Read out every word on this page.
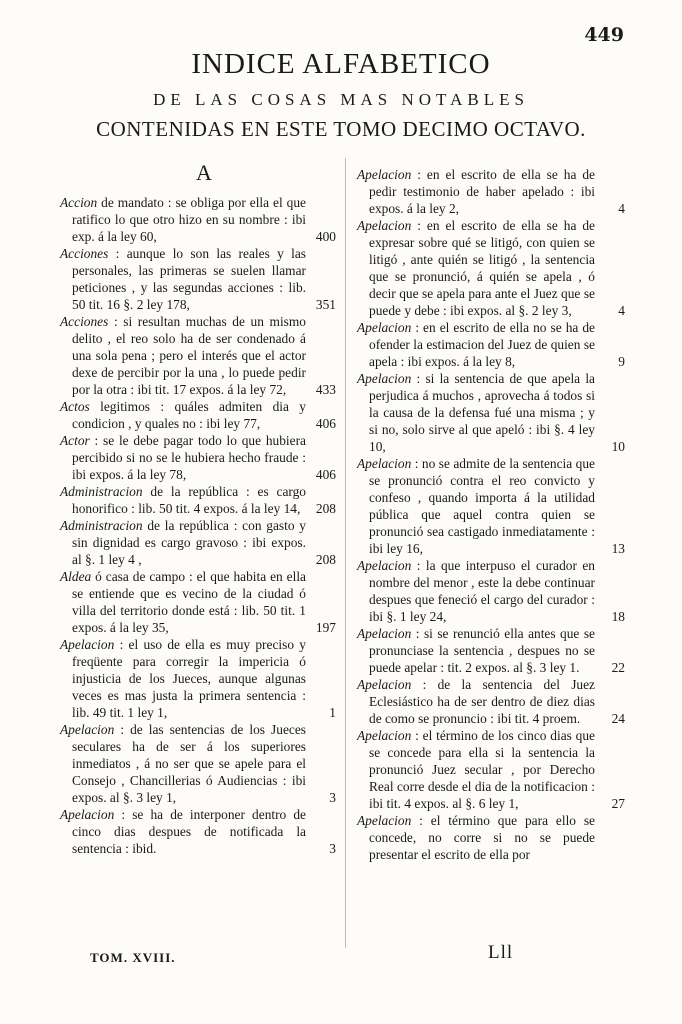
449
INDICE ALFABETICO
DE LAS COSAS MAS NOTABLES
CONTENIDAS EN ESTE TOMO DECIMO OCTAVO.
A

Accion de mandato : se obliga por ella el que ratifico lo que otro hizo en su nombre : ibi exp. á la ley 60,	400

Acciones : aunque lo son las reales y las personales, las primeras se suelen llamar peticiones , y las segundas acciones : lib. 50 tit. 16 §. 2 ley 178,	351

Acciones : si resultan muchas de un mismo delito , el reo solo ha de ser condenado á una sola pena ; pero el interés que el actor dexe de percibir por la una , lo puede pedir por la otra : ibi tit. 17 expos. á la ley 72, 433

Actos legitimos : quáles admiten dia y condicion , y quales no : ibi ley 77,	406

Actor : se le debe pagar todo lo que hubiera percibido si no se le hubiera hecho fraude : ibi expos. á la ley 78,	406

Administracion de la república : es cargo honorifico : lib. 50 tit. 4 expos. á la ley 14, 208

Administracion de la república : con gasto y sin dignidad es cargo gravoso : ibi expos. al §. 1 ley 4 ,	208

Aldea ó casa de campo : el que habita en ella se entiende que es vecino de la ciudad ó villa del territorio donde está : lib. 50 tit. 1 expos. á la ley 35,	197

Apelacion : el uso de ella es muy preciso y freqüente para corregir la impericia ó injusticia de los Jueces, aunque algunas veces es mas justa la primera sentencia : lib. 49 tit. 1 ley 1,	1

Apelacion : de las sentencias de los Jueces seculares ha de ser á los superiores inmediatos , á no ser que se apele para el Consejo , Chancillerias ó Audiencias : ibi expos. al §. 3 ley 1,	3

Apelacion : se ha de interponer dentro de cinco dias despues de notificada la sentencia : ibid.	3

Apelacion : en el escrito de ella se ha de pedir testimonio de haber apelado : ibi expos. á la ley 2,	4

Apelacion : en el escrito de ella se ha de expresar sobre qué se litigó, con quien se litigó , ante quién se litigó , la sentencia que se pronunció, á quién se apela , ó decir que se apela para ante el Juez que se puede y debe : ibi expos. al §. 2 ley 3,	4

Apelacion : en el escrito de ella no se ha de ofender la estimacion del Juez de quien se apela : ibi expos. á la ley 8,	9

Apelacion : si la sentencia de que apela la perjudica á muchos , aprovecha á todos si la causa de la defensa fué una misma ; y si no, solo sirve al que apeló : ibi §. 4 ley 10,	10

Apelacion : no se admite de la sentencia que se pronunció contra el reo convicto y confeso , quando importa á la utilidad pública que aquel contra quien se pronunció sea castigado inmediatamente : ibi ley 16,	13

Apelacion : la que interpuso el curador en nombre del menor , este la debe continuar despues que feneció el cargo del curador : ibi §. 1 ley 24,	18

Apelacion : si se renunció ella antes que se pronunciase la sentencia , despues no se puede apelar : tit. 2 expos. al §. 3 ley 1. 22

Apelacion : de la sentencia del Juez Eclesiástico ha de ser dentro de diez dias de como se pronuncio : ibi tit. 4 proem. 24

Apelacion : el término de los cinco dias que se concede para ella si la sentencia la pronunció Juez secular , por Derecho Real corre desde el dia de la notificacion : ibi tit. 4 expos. al §. 6 ley 1,	27

Apelacion : el término que para ello se concede, no corre si no se puede presentar el escrito de ella por

TOM. XVIII.	Lll
